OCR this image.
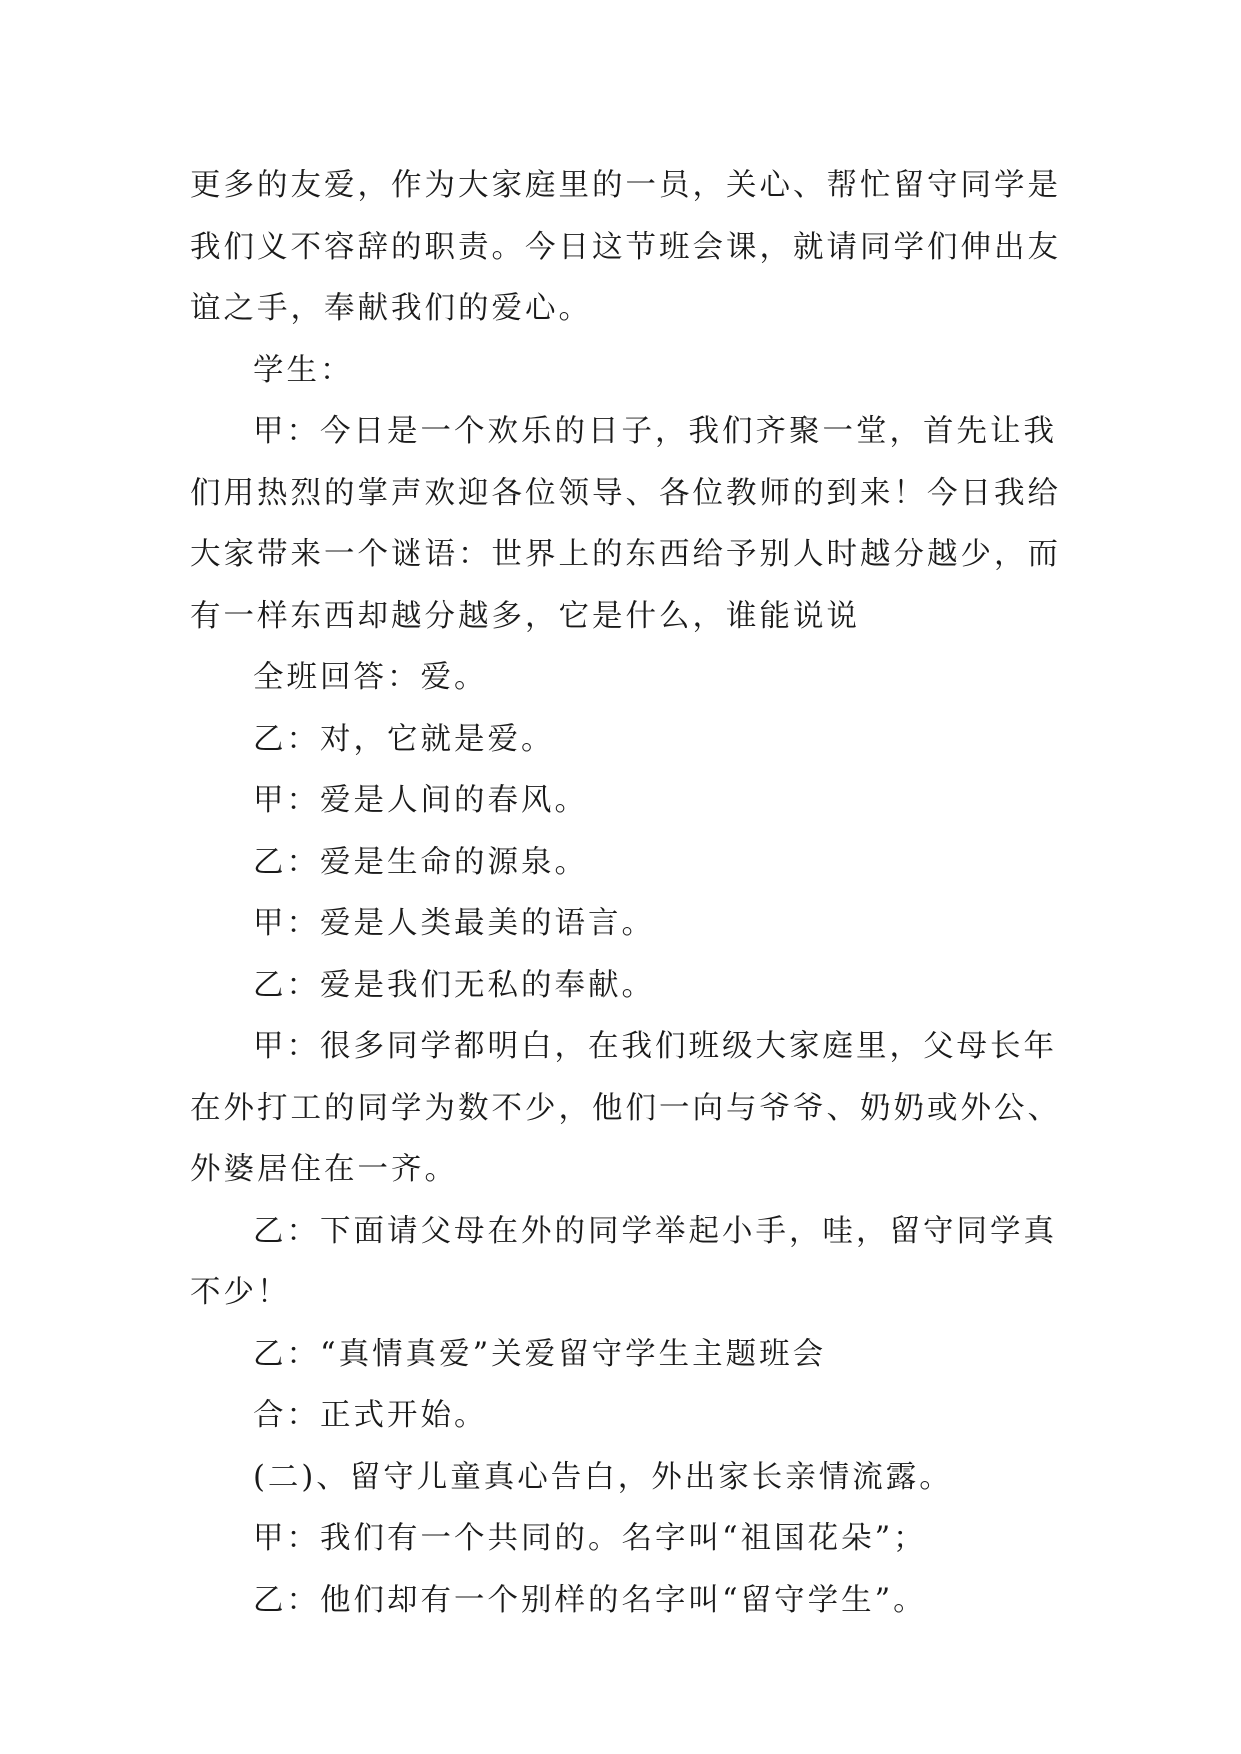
更多的友爱，作为大家庭里的一员，关心、帮忙留守同学是
我们义不容辞的职责。今日这节班会课，就请同学们伸出友
谊之手，奉献我们的爱心。
学生：
甲：今日是一个欢乐的日子，我们齐聚一堂，首先让我
们用热烈的掌声欢迎各位领导、各位教师的到来！今日我给
大家带来一个谜语：世界上的东西给予别人时越分越少，而
有一样东西却越分越多，它是什么，谁能说说
全班回答：爱。
乙：对，它就是爱。
甲：爱是人间的春风。
乙：爱是生命的源泉。
甲：爱是人类最美的语言。
乙：爱是我们无私的奉献。
甲：很多同学都明白，在我们班级大家庭里，父母长年
在外打工的同学为数不少，他们一向与爷爷、奶奶或外公、
外婆居住在一齐。
乙：下面请父母在外的同学举起小手，哇，留守同学真
不少！
乙：“真情真爱”关爱留守学生主题班会
合：正式开始。
(二)、留守儿童真心告白，外出家长亲情流露。
甲：我们有一个共同的。名字叫“祖国花朵”；
乙：他们却有一个别样的名字叫“留守学生”。
